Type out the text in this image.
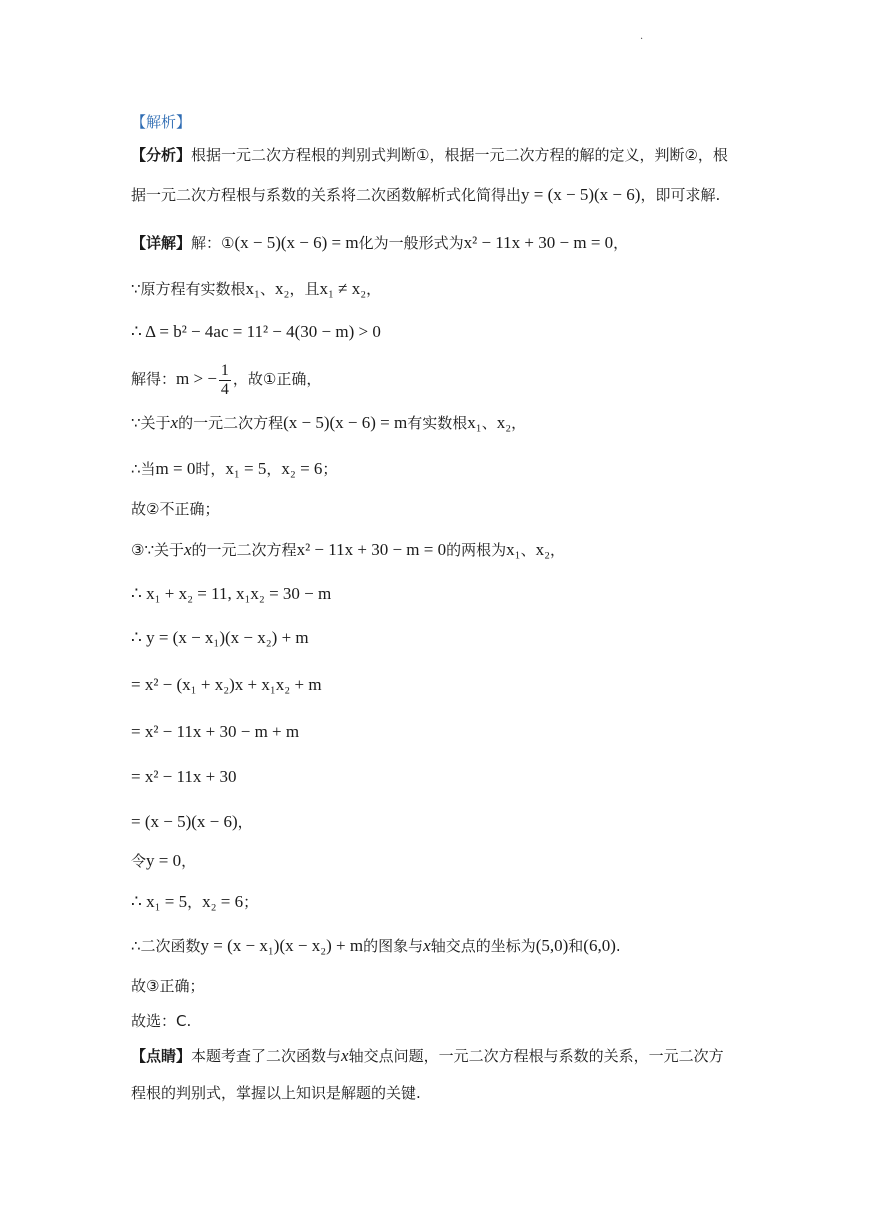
·
【解析】
【分析】根据一元二次方程根的判别式判断①，根据一元二次方程的解的定义，判断②，根
据一元二次方程根与系数的关系将二次函数解析式化简得出y = (x − 5)(x − 6)，即可求解.
【详解】解：①(x − 5)(x − 6) = m化为一般形式为x² − 11x + 30 − m = 0，
∵原方程有实数根x₁、x₂，且x₁ ≠ x₂，
∴ Δ = b² − 4ac = 11² − 4(30 − m) > 0
解得：m > − $\frac{1}{4}$ ，故①正确，
∵关于x的一元二次方程(x − 5)(x − 6) = m有实数根x₁、x₂，
∴当m = 0时，x₁ = 5，x₂ = 6；
故②不正确；
③∵关于x的一元二次方程x² − 11x + 30 − m = 0的两根为x₁、x₂，
∴ x₁ + x₂ = 11, x₁x₂ = 30 − m
∴ y = (x − x₁)(x − x₂) + m
= x² − (x₁ + x₂)x + x₁x₂ + m
= x² − 11x + 30 − m + m
= x² − 11x + 30
= (x − 5)(x − 6)，
令y = 0，
∴ x₁ = 5，x₂ = 6；
∴二次函数y = (x − x₁)(x − x₂) + m的图象与x轴交点的坐标为(5,0)和(6,0).
故③正确；
故选：C.
【点睛】本题考查了二次函数与x轴交点问题，一元二次方程根与系数的关系，一元二次方
程根的判别式，掌握以上知识是解题的关键.
